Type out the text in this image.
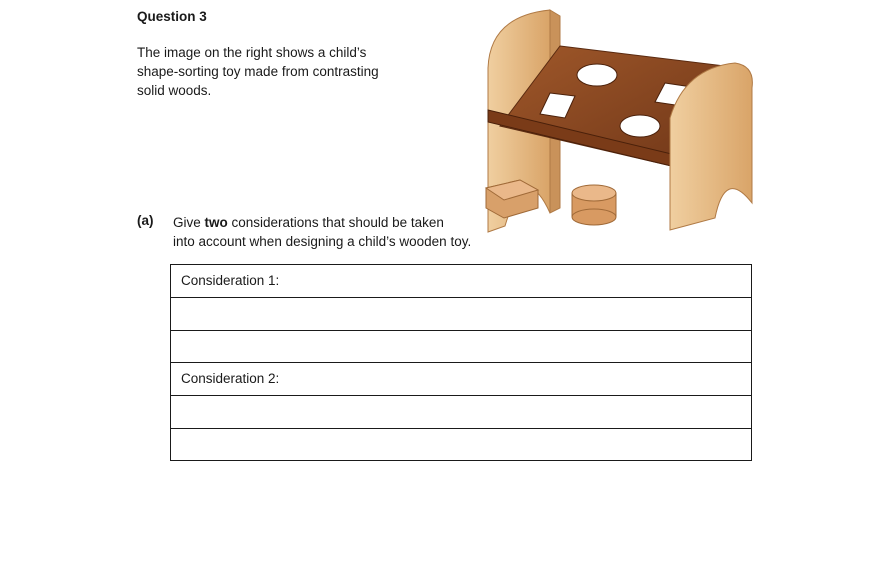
Question 3
The image on the right shows a child’s
shape-sorting toy made from contrasting
solid woods.
(a) Give two considerations that should be taken
into account when designing a child’s wooden toy.
Consideration 1:
Consideration 2:
